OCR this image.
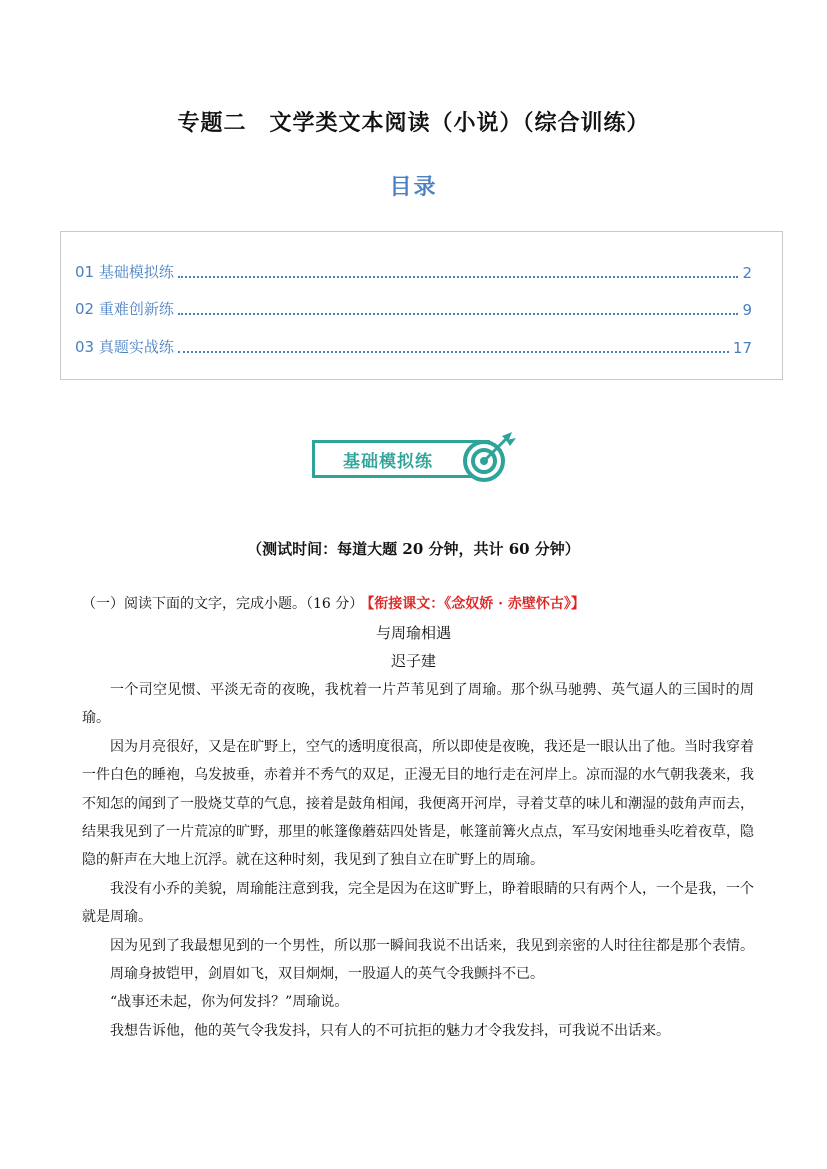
专题二　文学类文本阅读（小说）（综合训练）
目录
01 基础模拟练	2
02 重难创新练	9
03 真题实战练	17
基础模拟练
（测试时间：每道大题 20 分钟，共计 60 分钟）
（一）阅读下面的文字，完成小题。（16 分） 【衔接课文：《念奴娇 · 赤壁怀古》】
与周瑜相遇
迟子建

一个司空见惯、平淡无奇的夜晚，我枕着一片芦苇见到了周瑜。那个纵马驰骋、英气逼人的三国时的周瑜。

因为月亮很好，又是在旷野上，空气的透明度很高，所以即使是夜晚，我还是一眼认出了他。当时我穿着一件白色的睡袍，乌发披垂，赤着并不秀气的双足，正漫无目的地行走在河岸上。凉而湿的水气朝我袭来，我不知怎的闻到了一股烧艾草的气息，接着是鼓角相闻，我便离开河岸，寻着艾草的味儿和潮湿的鼓角声而去，结果我见到了一片荒凉的旷野，那里的帐篷像蘑菇四处皆是，帐篷前篝火点点，军马安闲地垂头吃着夜草，隐隐的鼾声在大地上沉浮。就在这种时刻，我见到了独自立在旷野上的周瑜。

我没有小乔的美貌，周瑜能注意到我，完全是因为在这旷野上，睁着眼睛的只有两个人，一个是我，一个就是周瑜。

因为见到了我最想见到的一个男性，所以那一瞬间我说不出话来，我见到亲密的人时往往都是那个表情。

周瑜身披铠甲，剑眉如飞，双目炯炯，一股逼人的英气令我颤抖不已。

“战事还未起，你为何发抖？”周瑜说。

我想告诉他，他的英气令我发抖，只有人的不可抗拒的魅力才令我发抖，可我说不出话来。
